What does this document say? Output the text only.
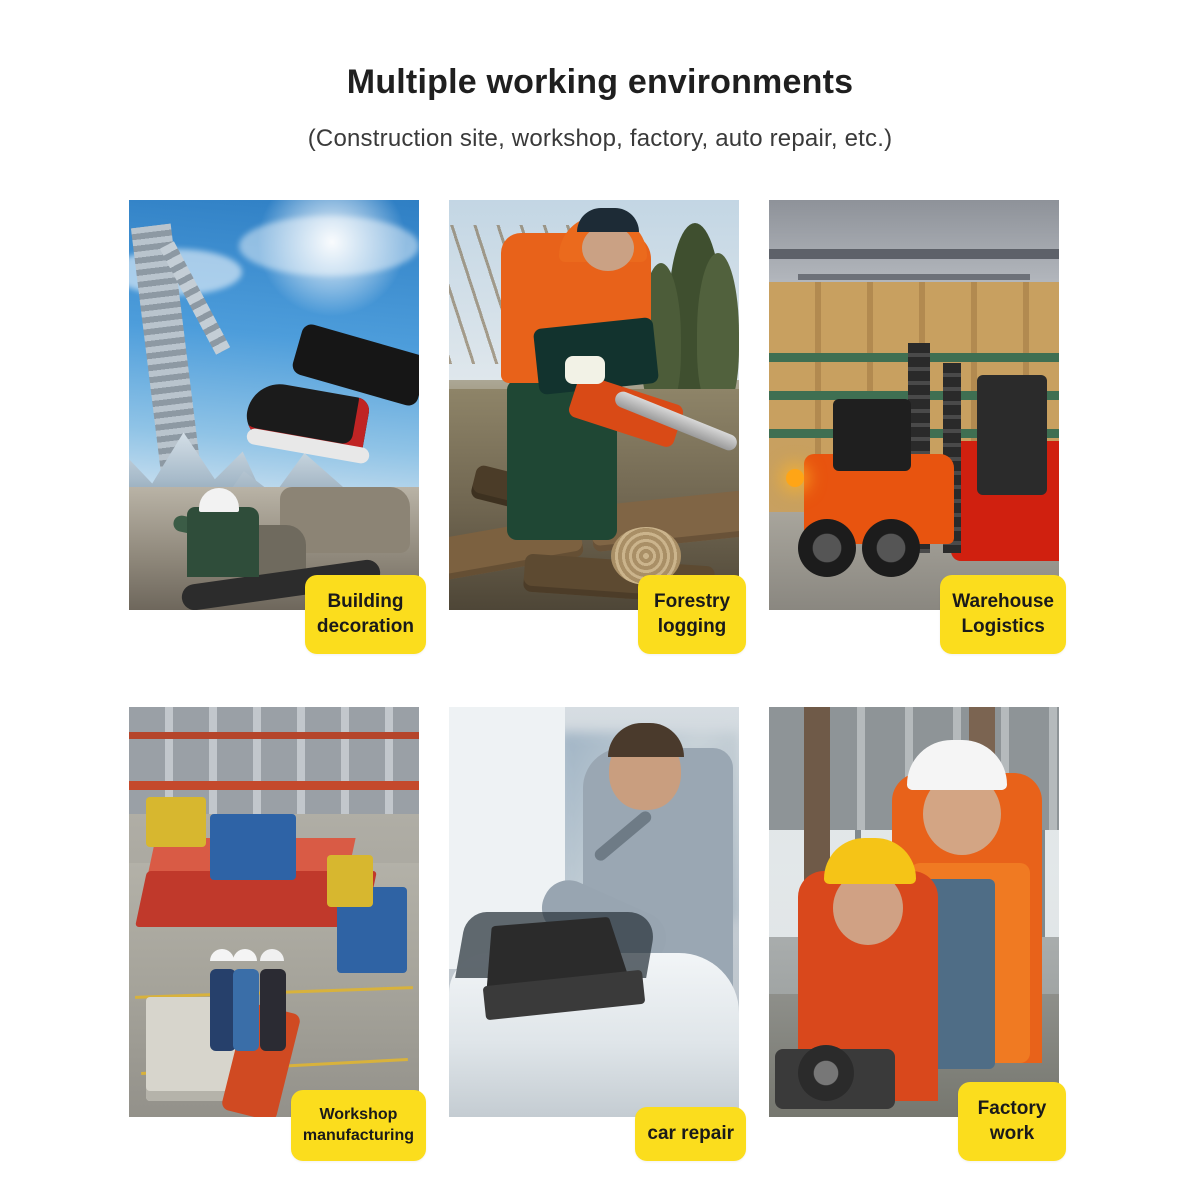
Multiple working environments

(Construction site, workshop, factory, auto repair, etc.)

Building
decoration
Forestry
logging
Warehouse
Logistics
Workshop
manufacturing	car repair
Factory
work
